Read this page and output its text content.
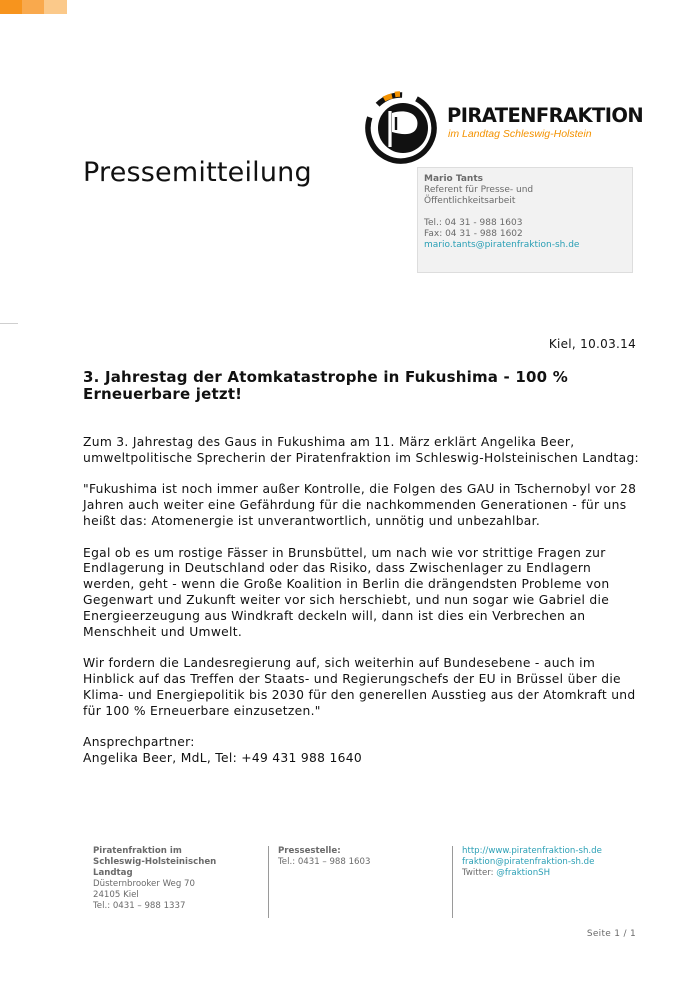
PIRATENFRAKTION
im Landtag Schleswig-Holstein
Pressemitteilung	Mario Tants
Referent für Presse- und
Öffentlichkeitsarbeit
Tel.: 04 31 - 988 1603
Fax: 04 31 - 988 1602
mario.tants@piratenfraktion-sh.de
Kiel, 10.03.14
3. Jahrestag der Atomkatastrophe in Fukushima - 100 % Erneuerbare jetzt!

Zum 3. Jahrestag des Gaus in Fukushima am 11. März erklärt Angelika Beer, umweltpolitische Sprecherin der Piratenfraktion im Schleswig-Holsteinischen Landtag:

"Fukushima ist noch immer außer Kontrolle, die Folgen des GAU in Tschernobyl vor 28 Jahren auch weiter eine Gefährdung für die nachkommenden Generationen - für uns heißt das: Atomenergie ist unverantwortlich, unnötig und unbezahlbar.

Egal ob es um rostige Fässer in Brunsbüttel, um nach wie vor strittige Fragen zur Endlagerung in Deutschland oder das Risiko, dass Zwischenlager zu Endlagern werden, geht - wenn die Große Koalition in Berlin die drängendsten Probleme von Gegenwart und Zukunft weiter vor sich herschiebt, und nun sogar wie Gabriel die Energieerzeugung aus Windkraft deckeln will, dann ist dies ein Verbrechen an Menschheit und Umwelt.

Wir fordern die Landesregierung auf, sich weiterhin auf Bundesebene - auch im Hinblick auf das Treffen der Staats- und Regierungschefs der EU in Brüssel über die Klima- und Energiepolitik bis 2030 für den generellen Ausstieg aus der Atomkraft und für 100 % Erneuerbare einzusetzen."

Ansprechpartner:
Angelika Beer, MdL, Tel: +49 431 988 1640
Piratenfraktion im
Schleswig-Holsteinischen
Landtag
Düsternbrooker Weg 70
24105 Kiel
Tel.: 0431 – 988 1337
Pressestelle:
Tel.: 0431 – 988 1603
http://www.piratenfraktion-sh.de
fraktion@piratenfraktion-sh.de
Twitter: @fraktionSH
Seite 1 / 1
